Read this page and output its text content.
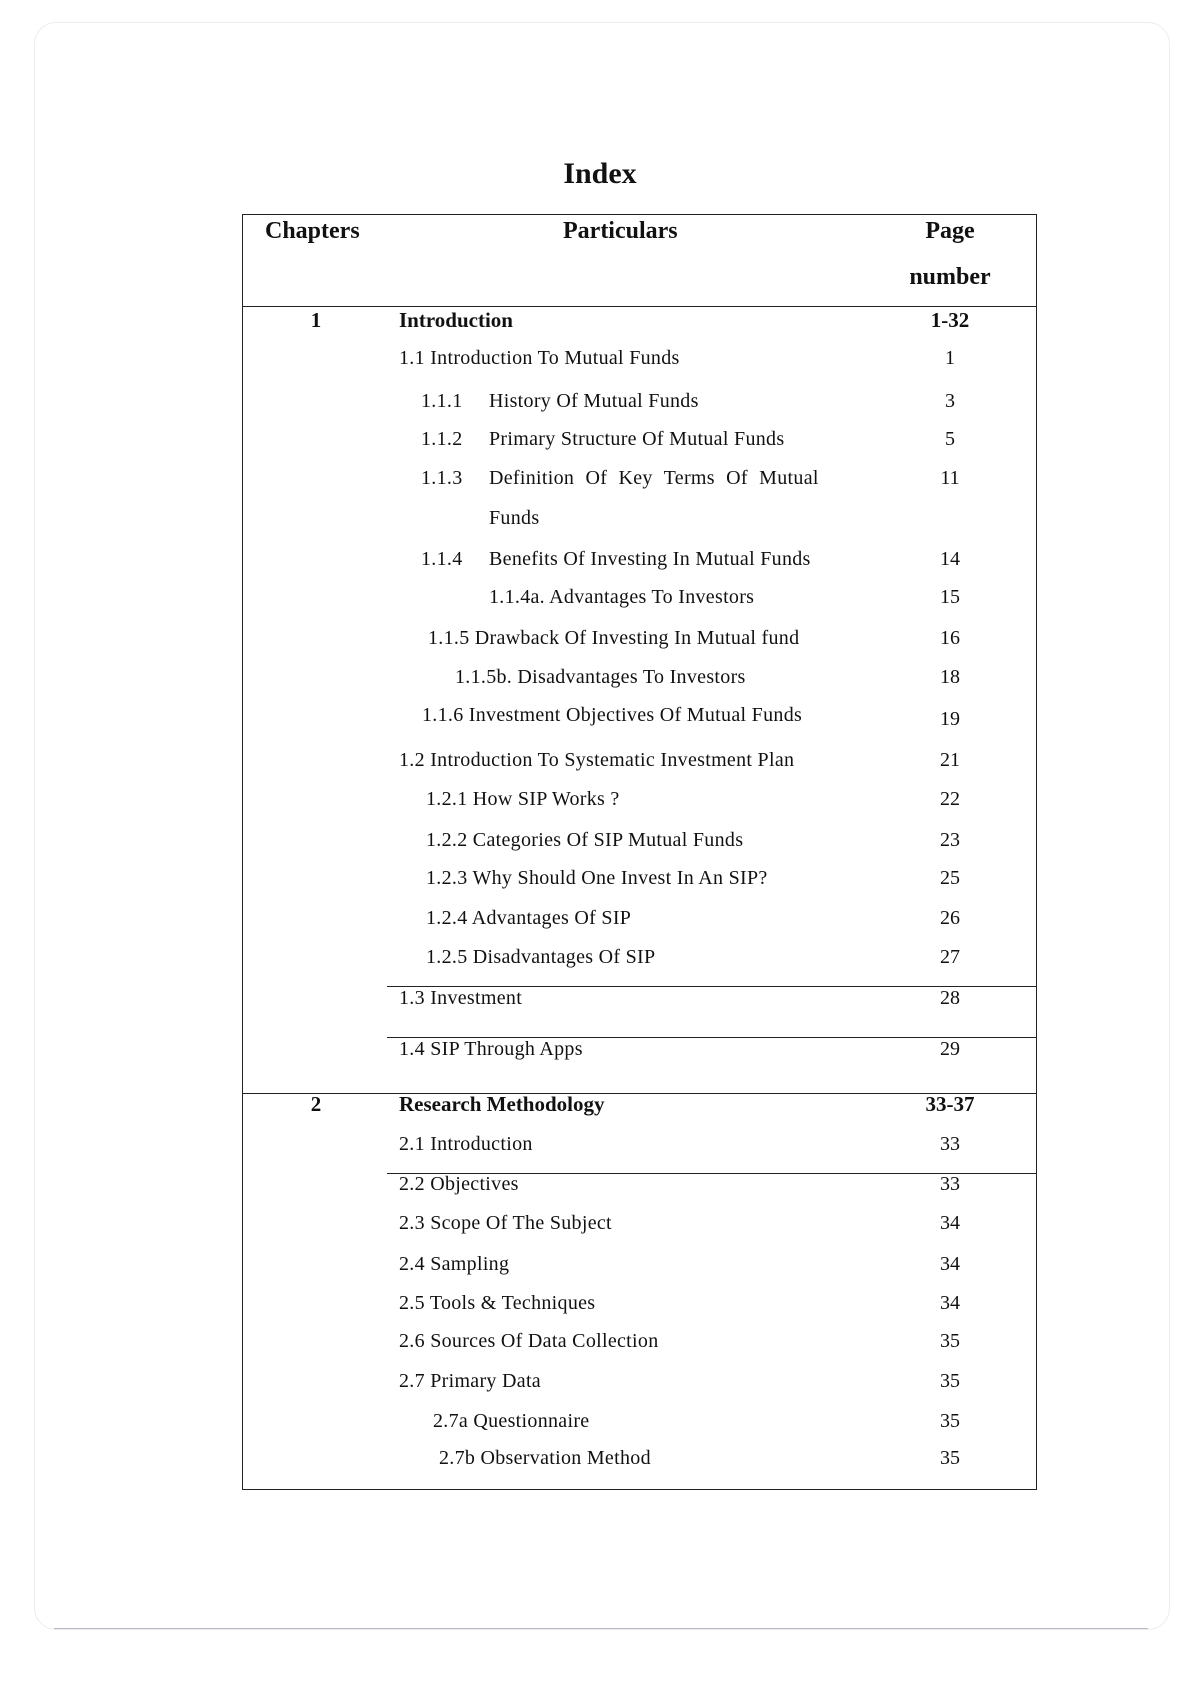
Index
Chapters	Particulars	Page
number
1	Introduction	1-32
1.1 Introduction To Mutual Funds	1
1.1.1 History Of Mutual Funds	3
1.1.2 Primary Structure Of Mutual Funds	5
1.1.3 Definition Of Key Terms Of Mutual	11
Funds
1.1.4 Benefits Of Investing In Mutual Funds	14
1.1.4a. Advantages To Investors	15
1.1.5 Drawback Of Investing In Mutual fund	16
1.1.5b. Disadvantages To Investors	18
1.1.6 Investment Objectives Of Mutual Funds	19
1.2 Introduction To Systematic Investment Plan	21
1.2.1 How SIP Works ?	22
1.2.2 Categories Of SIP Mutual Funds	23
1.2.3 Why Should One Invest In An SIP?	25
1.2.4 Advantages Of SIP	26
1.2.5 Disadvantages Of SIP	27
1.3 Investment	28
1.4 SIP Through Apps	29
2	Research Methodology	33-37
2.1 Introduction	33
2.2 Objectives	33
2.3 Scope Of The Subject	34
2.4 Sampling	34
2.5 Tools & Techniques	34
2.6 Sources Of Data Collection	35
2.7 Primary Data	35
2.7a Questionnaire	35
2.7b Observation Method	35
